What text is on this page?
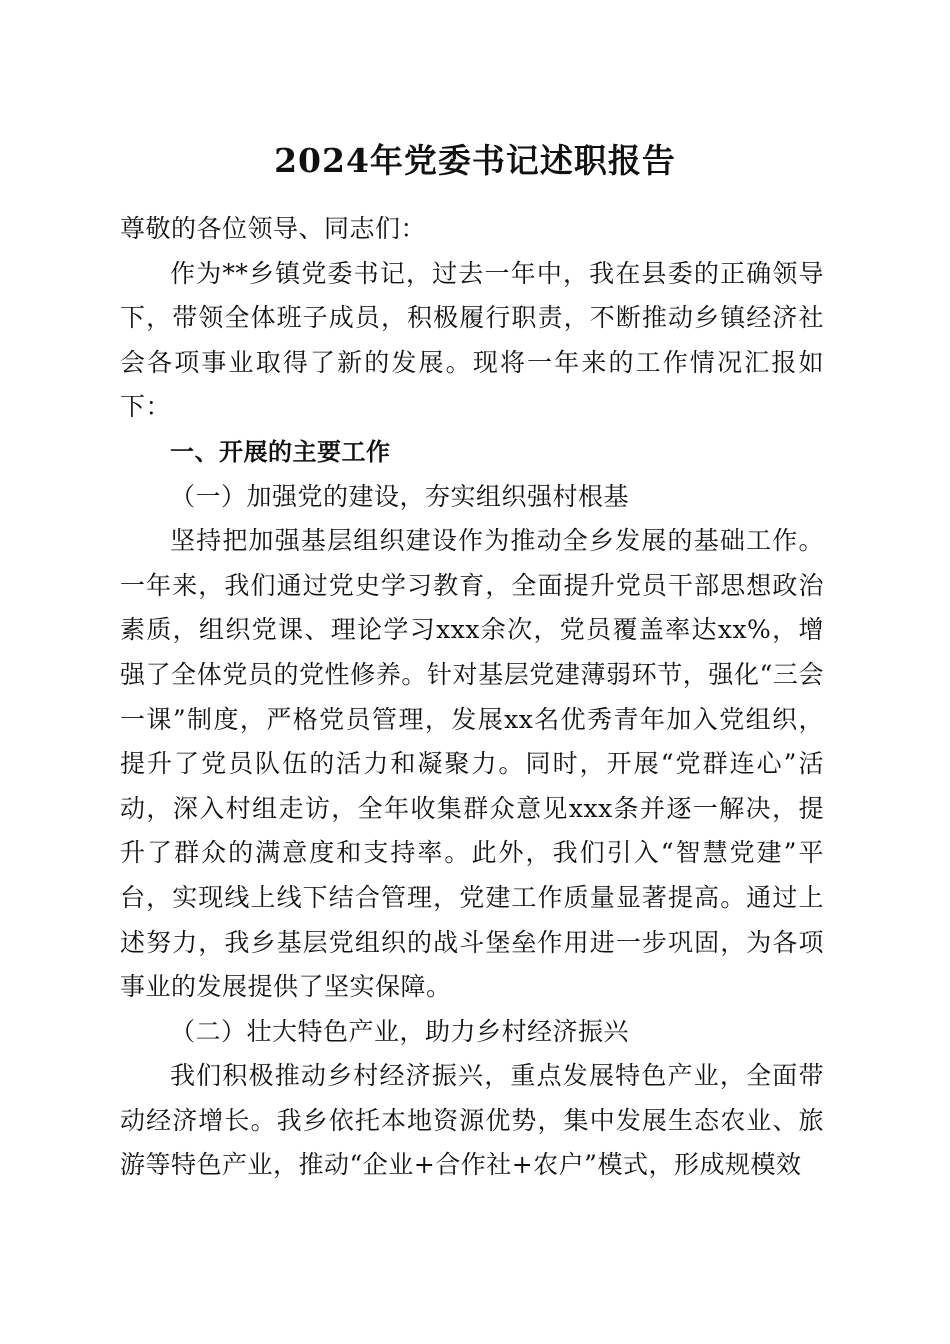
2024年党委书记述职报告

尊敬的各位领导、同志们：

作为**乡镇党委书记，过去一年中，我在县委的正确领导下，带领全体班子成员，积极履行职责，不断推动乡镇经济社会各项事业取得了新的发展。现将一年来的工作情况汇报如下：

一、开展的主要工作

（一）加强党的建设，夯实组织强村根基

坚持把加强基层组织建设作为推动全乡发展的基础工作。一年来，我们通过党史学习教育，全面提升党员干部思想政治素质，组织党课、理论学习xxx余次，党员覆盖率达xx%，增强了全体党员的党性修养。针对基层党建薄弱环节，强化“三会一课”制度，严格党员管理，发展xx名优秀青年加入党组织，提升了党员队伍的活力和凝聚力。同时，开展“党群连心”活动，深入村组走访，全年收集群众意见xxx条并逐一解决，提升了群众的满意度和支持率。此外，我们引入“智慧党建”平台，实现线上线下结合管理，党建工作质量显著提高。通过上述努力，我乡基层党组织的战斗堡垒作用进一步巩固，为各项事业的发展提供了坚实保障。

（二）壮大特色产业，助力乡村经济振兴

我们积极推动乡村经济振兴，重点发展特色产业，全面带动经济增长。我乡依托本地资源优势，集中发展生态农业、旅游等特色产业，推动“企业+合作社+农户”模式，形成规模效
